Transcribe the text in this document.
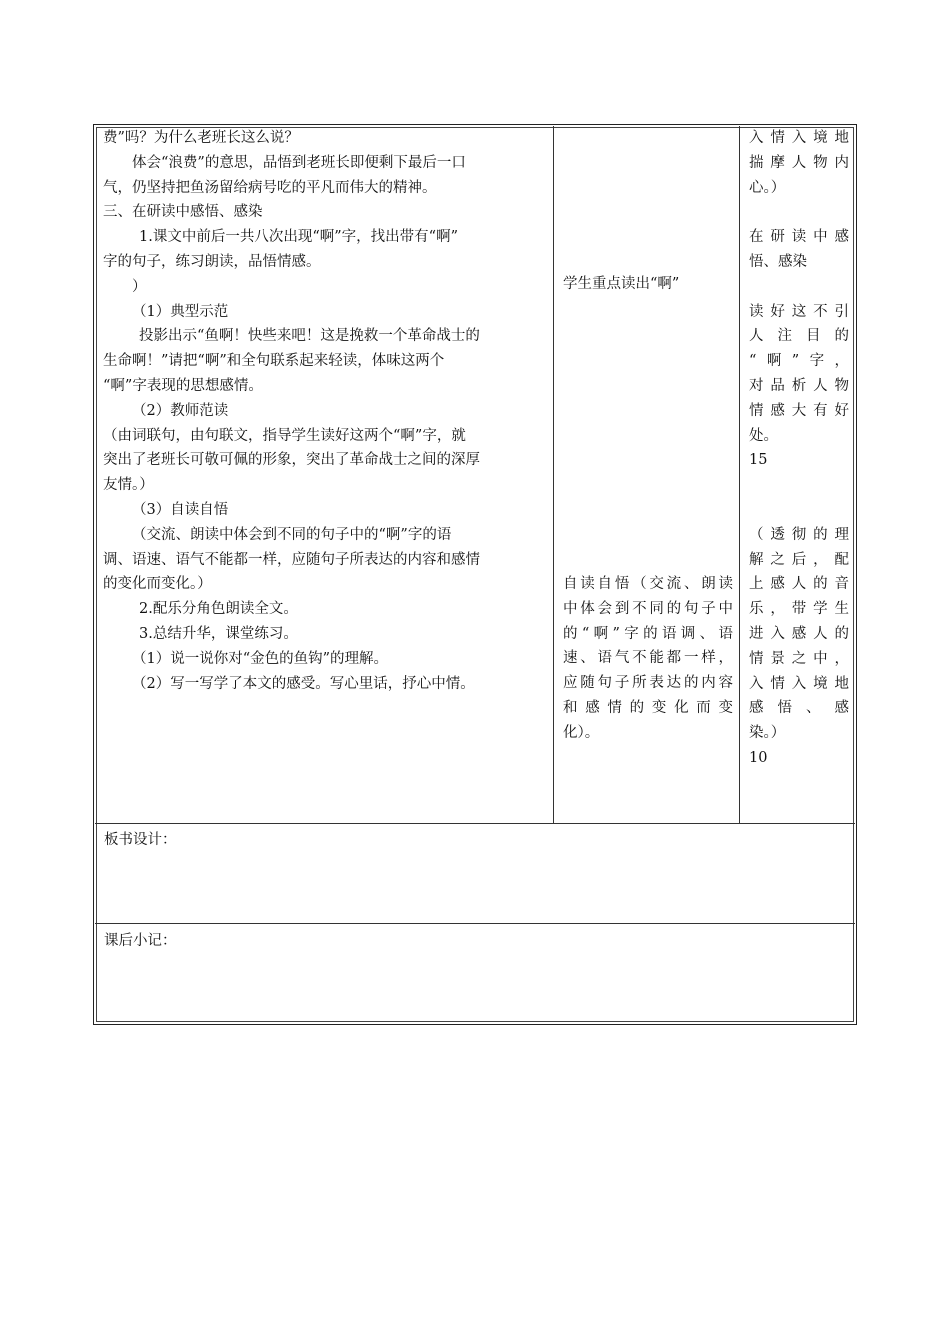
费”吗？为什么老班长这么说？

体会“浪费”的意思，品悟到老班长即便剩下最后一口

气，仍坚持把鱼汤留给病号吃的平凡而伟大的精神。

三、在研读中感悟、感染

1.课文中前后一共八次出现“啊”字，找出带有“啊”

字的句子，练习朗读，品悟情感。

）

（1）典型示范

投影出示“鱼啊！快些来吧！这是挽救一个革命战士的

生命啊！”请把“啊”和全句联系起来轻读，体味这两个

“啊”字表现的思想感情。

（2）教师范读

（由词联句，由句联文，指导学生读好这两个“啊”字，就

突出了老班长可敬可佩的形象，突出了革命战士之间的深厚

友情。）

（3）自读自悟

（交流、朗读中体会到不同的句子中的“啊”字的语

调、语速、语气不能都一样，应随句子所表达的内容和感情

的变化而变化。）

2.配乐分角色朗读全文。

3.总结升华，课堂练习。

（1）说一说你对“金色的鱼钩”的理解。

（2）写一写学了本文的感受。写心里话，抒心中情。

学生重点读出“啊”

自读自悟（交流、朗读

中体会到不同的句子中

的“啊”字的语调、语

速、语气不能都一样，

应随句子所表达的内容

和感情的变化而变

化）。

入情入境地

揣摩人物内

心。）

在研读中感

悟、感染

读好这不引

人注目的

“啊”字，

对品析人物

情感大有好

处。

15

（透彻的理

解之后，配

上感人的音

乐，带学生

进入感人的

情景之中，

入情入境地

感悟、感

染。）

10

板书设计：
课后小记：
